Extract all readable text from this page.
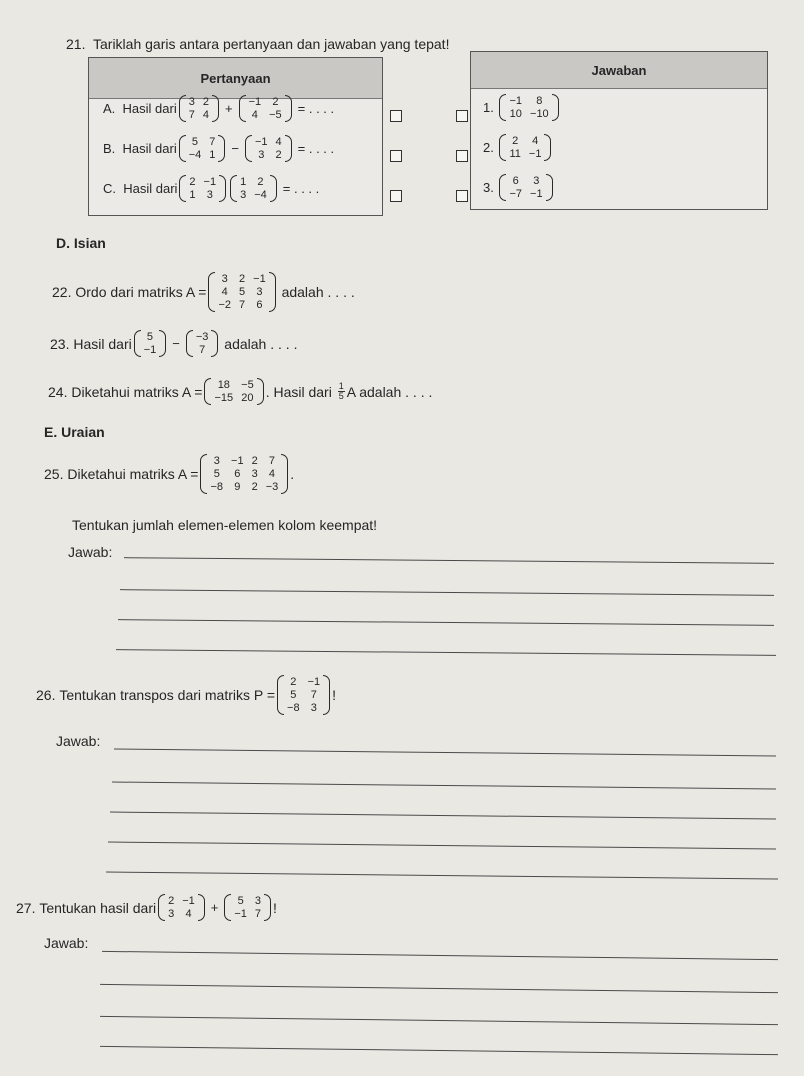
21. Tariklah garis antara pertanyaan dan jawaban yang tepat!
Pertanyaan
A.
Hasil dari 3 2
7 4 + −1 2
4 −5 = . . . .
B.
Hasil dari 5 7
−4 1 − −1 4
3 2 = . . . .
C.
Hasil dari 2 −1
1 3
1 2
3 −4 = . . . .
Jawaban
1.
−1	8
10 −10
2.
2 4
11 −1
3.
6 3
−7 −1
D. Isian
22.
Ordo dari matriks A =
3 2 −1
4 5 3
−2 7 6

adalah . . . .
23.
Hasil dari 5
−1 − −3
7
adalah . . . .
24.
Diketahui matriks A = 18 −5
−15 20 . Hasil dari
$\frac{1}{5}$ A adalah . . . .
E. Uraian
25.
Diketahui matriks A =
3 −1 2 7
5 6 3 4
−8 9 2 −3
.
Tentukan jumlah elemen-elemen kolom keempat!
Jawab:
26.
Tentukan transpos dari matriks P =
2 −1
5 7
−8 3
!
Jawab:
27.
Tentukan hasil dari 2 −1
3 4 + 5 3
−1 7 !
Jawab:
